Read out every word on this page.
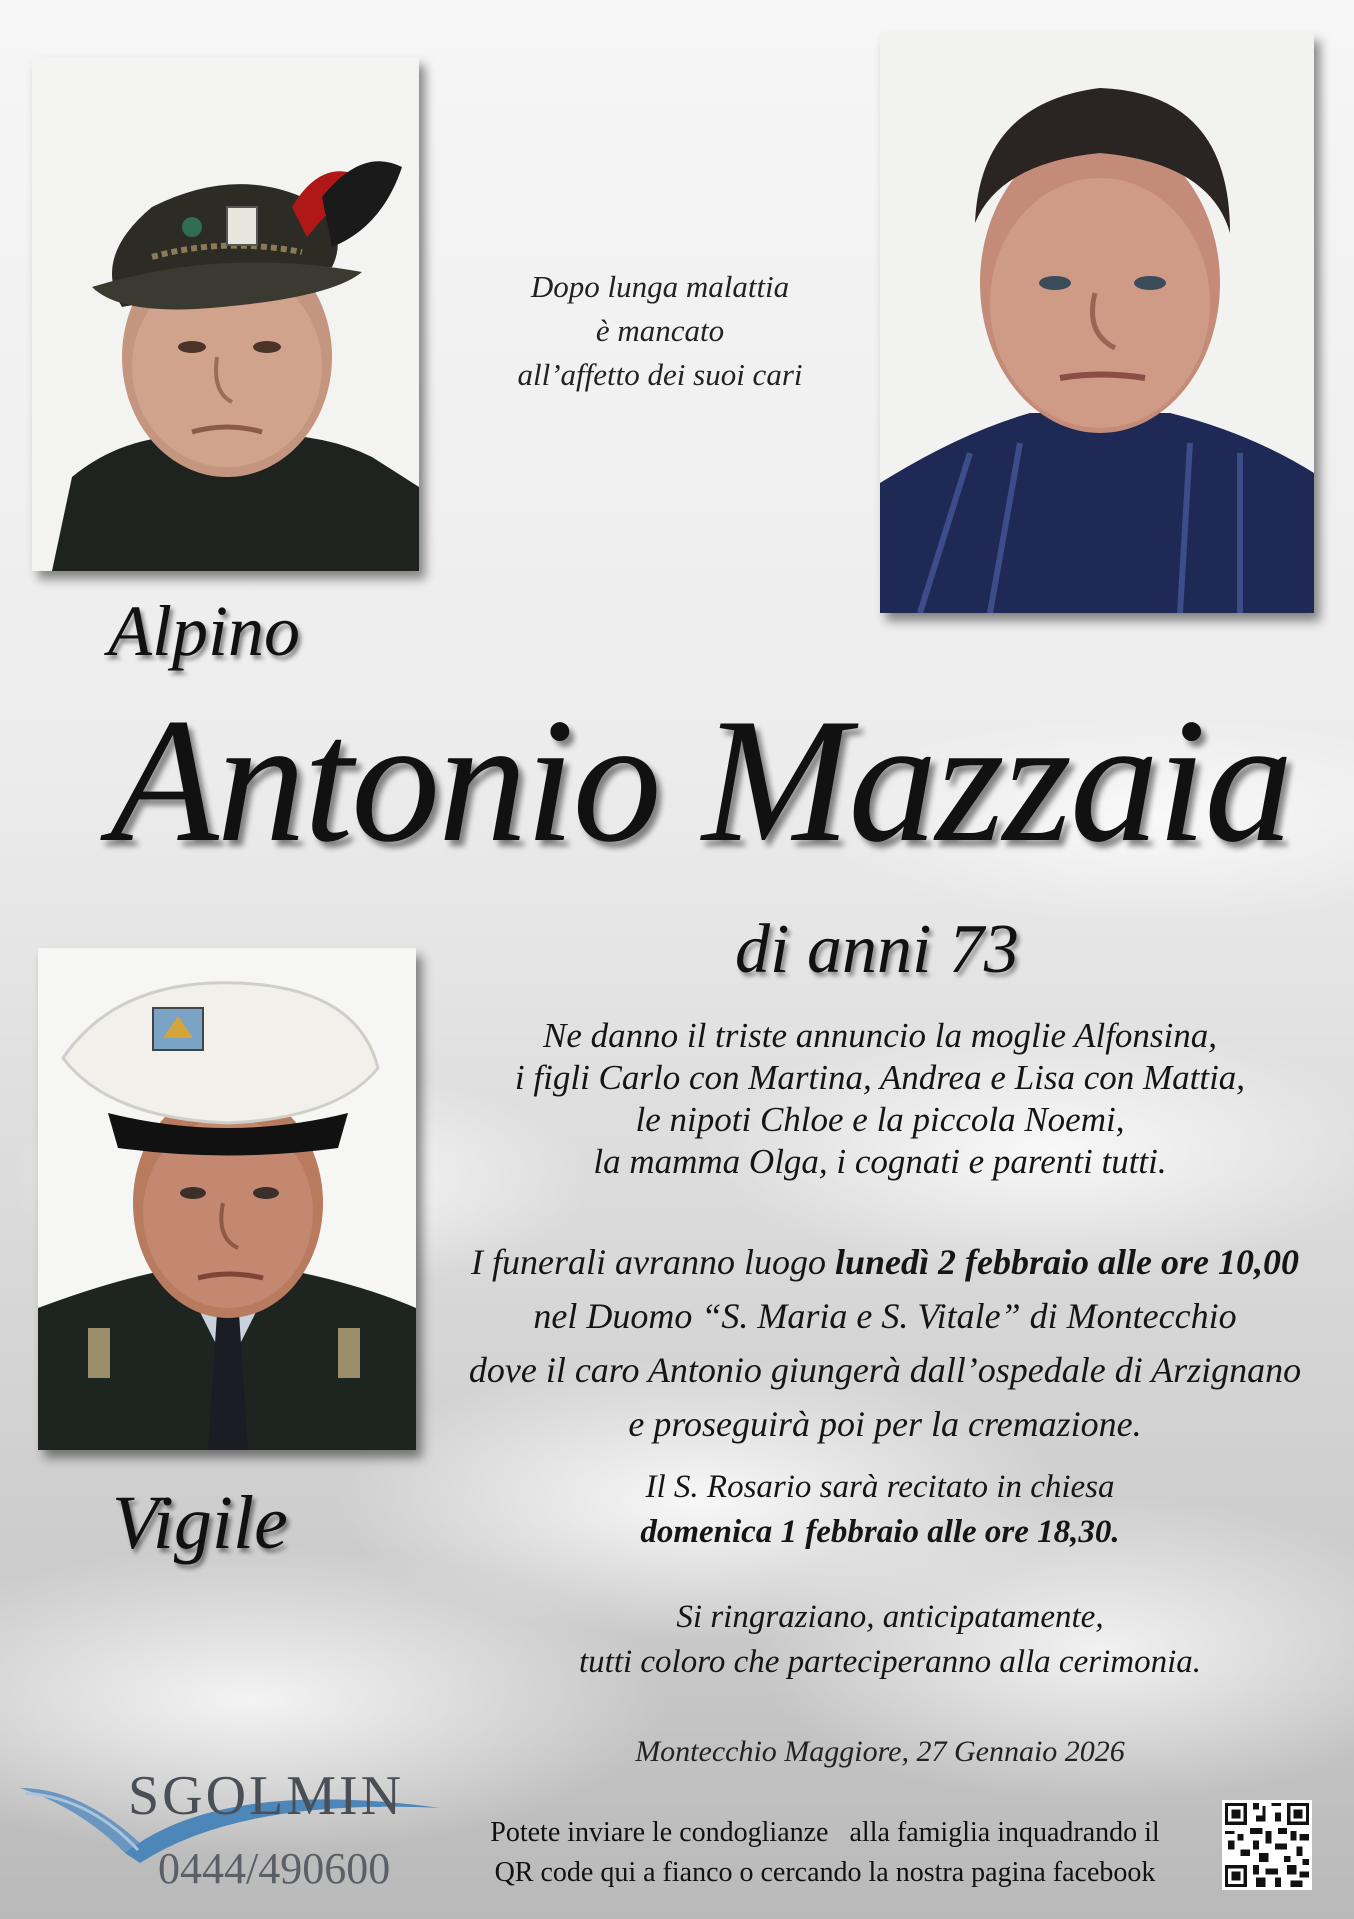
Dopo lunga malattia
è mancato
all’affetto dei suoi cari
Alpino
Antonio Mazzaia
di anni 73
Vigile
Ne danno il triste annuncio la moglie Alfonsina,
i figli Carlo con Martina, Andrea e Lisa con Mattia,
le nipoti Chloe e la piccola Noemi,
la mamma Olga, i cognati e parenti tutti.
I funerali avranno luogo lunedì 2 febbraio alle ore 10,00
nel Duomo “S. Maria e S. Vitale” di Montecchio
dove il caro Antonio giungerà dall’ospedale di Arzignano
e proseguirà poi per la cremazione.
Il S. Rosario sarà recitato in chiesa
domenica 1 febbraio alle ore 18,30.
Si ringraziano, anticipatamente,
tutti coloro che parteciperanno alla cerimonia.
Montecchio Maggiore, 27 Gennaio 2026
SGOLMIN
0444/490600
Potete inviare le condoglianze   alla famiglia inquadrando il
QR code qui a fianco o cercando la nostra pagina facebook
